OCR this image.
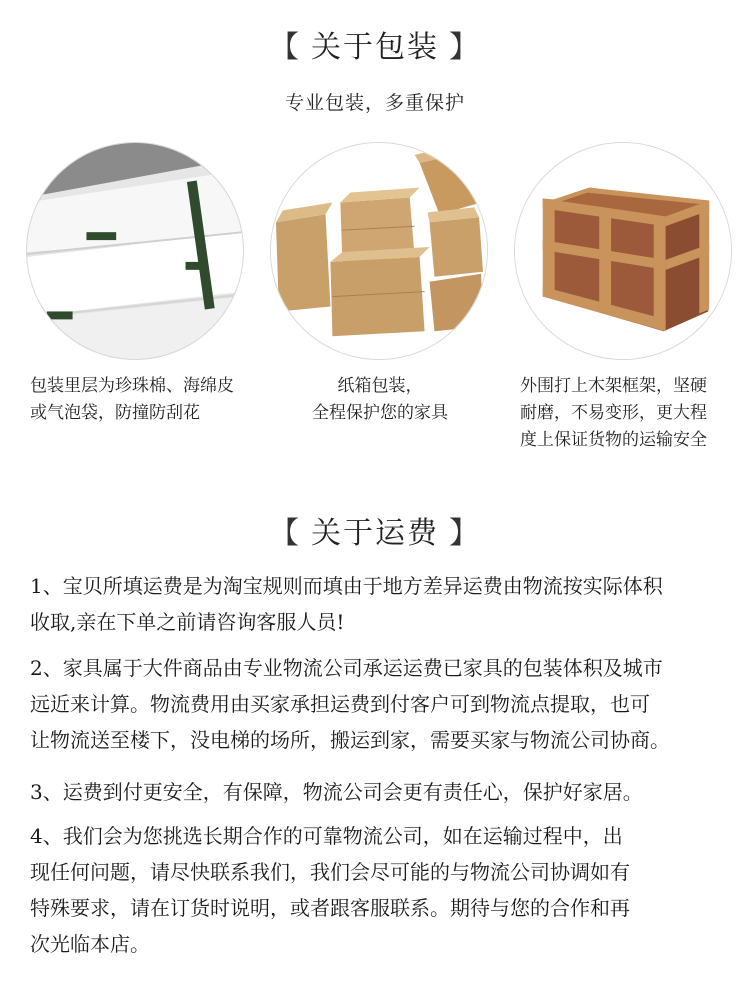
【 关于包装 】
专业包装，多重保护
包装里层为珍珠棉、海绵皮
或气泡袋，防撞防刮花
纸箱包装，
全程保护您的家具
外围打上木架框架，坚硬
耐磨，不易变形，更大程
度上保证货物的运输安全
【 关于运费 】
1、宝贝所填运费是为淘宝规则而填由于地方差异运费由物流按实际体积
收取,亲在下单之前请咨询客服人员!
2、家具属于大件商品由专业物流公司承运运费已家具的包装体积及城市
远近来计算。物流费用由买家承担运费到付客户可到物流点提取，也可
让物流送至楼下，没电梯的场所，搬运到家，需要买家与物流公司协商。
3、运费到付更安全，有保障，物流公司会更有责任心，保护好家居。
4、我们会为您挑选长期合作的可靠物流公司，如在运输过程中，出
现任何问题，请尽快联系我们，我们会尽可能的与物流公司协调如有
特殊要求，请在订货时说明，或者跟客服联系。期待与您的合作和再
次光临本店。
